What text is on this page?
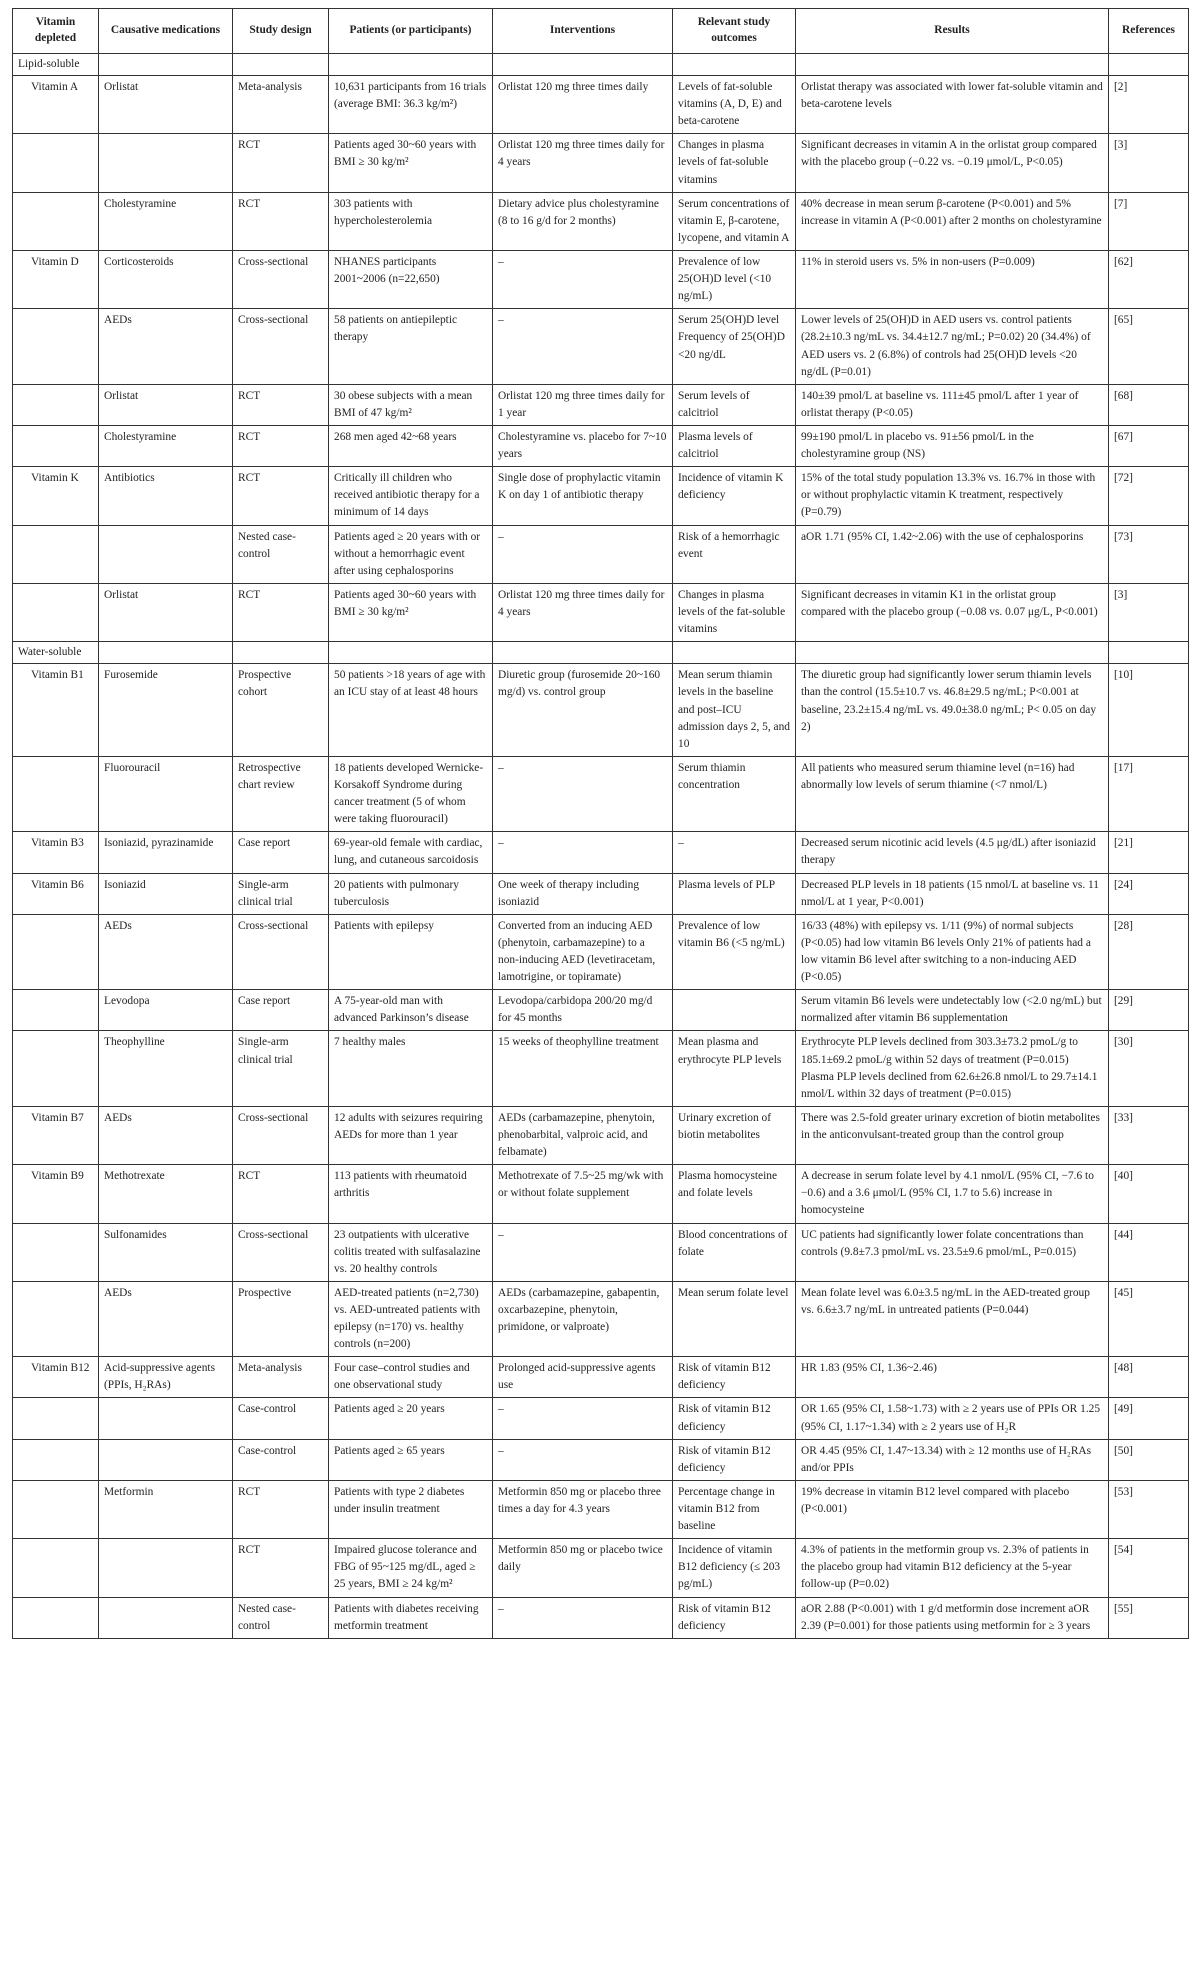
Vitamin depleted	Causative medications	Study design	Patients (or participants)	Interventions	Relevant study outcomes	Results	References
Lipid-soluble							
Vitamin A	Orlistat	Meta-analysis	10,631 participants from 16 trials (average BMI: 36.3 kg/m²)	Orlistat 120 mg three times daily	Levels of fat-soluble vitamins (A, D, E) and beta-carotene	Orlistat therapy was associated with lower fat-soluble vitamin and beta-carotene levels	[2]
		RCT	Patients aged 30~60 years with BMI ≥ 30 kg/m²	Orlistat 120 mg three times daily for 4 years	Changes in plasma levels of fat-soluble vitamins	Significant decreases in vitamin A in the orlistat group compared with the placebo group (−0.22 vs. −0.19 μmol/L, P<0.05)	[3]
	Cholestyramine	RCT	303 patients with hypercholesterolemia	Dietary advice plus cholestyramine (8 to 16 g/d for 2 months)	Serum concentrations of vitamin E, β-carotene, lycopene, and vitamin A	40% decrease in mean serum β-carotene (P<0.001) and 5% increase in vitamin A (P<0.001) after 2 months on cholestyramine	[7]
Vitamin D	Corticosteroids	Cross-sectional	NHANES participants 2001~2006 (n=22,650)	–	Prevalence of low 25(OH)D level (<10 ng/mL)	11% in steroid users vs. 5% in non-users (P=0.009)	[62]
	AEDs	Cross-sectional	58 patients on antiepileptic therapy	–	Serum 25(OH)D level Frequency of 25(OH)D <20 ng/dL	Lower levels of 25(OH)D in AED users vs. control patients (28.2±10.3 ng/mL vs. 34.4±12.7 ng/mL; P=0.02) 20 (34.4%) of AED users vs. 2 (6.8%) of controls had 25(OH)D levels <20 ng/dL (P=0.01)	[65]
	Orlistat	RCT	30 obese subjects with a mean BMI of 47 kg/m²	Orlistat 120 mg three times daily for 1 year	Serum levels of calcitriol	140±39 pmol/L at baseline vs. 111±45 pmol/L after 1 year of orlistat therapy (P<0.05)	[68]
	Cholestyramine	RCT	268 men aged 42~68 years	Cholestyramine vs. placebo for 7~10 years	Plasma levels of calcitriol	99±190 pmol/L in placebo vs. 91±56 pmol/L in the cholestyramine group (NS)	[67]
Vitamin K	Antibiotics	RCT	Critically ill children who received antibiotic therapy for a minimum of 14 days	Single dose of prophylactic vitamin K on day 1 of antibiotic therapy	Incidence of vitamin K deficiency	15% of the total study population 13.3% vs. 16.7% in those with or without prophylactic vitamin K treatment, respectively (P=0.79)	[72]
		Nested case-control	Patients aged ≥ 20 years with or without a hemorrhagic event after using cephalosporins	–	Risk of a hemorrhagic event	aOR 1.71 (95% CI, 1.42~2.06) with the use of cephalosporins	[73]
	Orlistat	RCT	Patients aged 30~60 years with BMI ≥ 30 kg/m²	Orlistat 120 mg three times daily for 4 years	Changes in plasma levels of the fat-soluble vitamins	Significant decreases in vitamin K1 in the orlistat group compared with the placebo group (−0.08 vs. 0.07 μg/L, P<0.001)	[3]
Water-soluble							
Vitamin B1	Furosemide	Prospective cohort	50 patients >18 years of age with an ICU stay of at least 48 hours	Diuretic group (furosemide 20~160 mg/d) vs. control group	Mean serum thiamin levels in the baseline and post–ICU admission days 2, 5, and 10	The diuretic group had significantly lower serum thiamin levels than the control (15.5±10.7 vs. 46.8±29.5 ng/mL; P<0.001 at baseline, 23.2±15.4 ng/mL vs. 49.0±38.0 ng/mL; P< 0.05 on day 2)	[10]
	Fluorouracil	Retrospective chart review	18 patients developed Wernicke-Korsakoff Syndrome during cancer treatment (5 of whom were taking fluorouracil)	–	Serum thiamin concentration	All patients who measured serum thiamine level (n=16) had abnormally low levels of serum thiamine (<7 nmol/L)	[17]
Vitamin B3	Isoniazid, pyrazinamide	Case report	69-year-old female with cardiac, lung, and cutaneous sarcoidosis	–	–	Decreased serum nicotinic acid levels (4.5 μg/dL) after isoniazid therapy	[21]
Vitamin B6	Isoniazid	Single-arm clinical trial	20 patients with pulmonary tuberculosis	One week of therapy including isoniazid	Plasma levels of PLP	Decreased PLP levels in 18 patients (15 nmol/L at baseline vs. 11 nmol/L at 1 year, P<0.001)	[24]
	AEDs	Cross-sectional	Patients with epilepsy	Converted from an inducing AED (phenytoin, carbamazepine) to a non-inducing AED (levetiracetam, lamotrigine, or topiramate)	Prevalence of low vitamin B6 (<5 ng/mL)	16/33 (48%) with epilepsy vs. 1/11 (9%) of normal subjects (P<0.05) had low vitamin B6 levels Only 21% of patients had a low vitamin B6 level after switching to a non-inducing AED (P<0.05)	[28]
	Levodopa	Case report	A 75-year-old man with advanced Parkinson’s disease	Levodopa/carbidopa 200/20 mg/d for 45 months		Serum vitamin B6 levels were undetectably low (<2.0 ng/mL) but normalized after vitamin B6 supplementation	[29]
	Theophylline	Single-arm clinical trial	7 healthy males	15 weeks of theophylline treatment	Mean plasma and erythrocyte PLP levels	Erythrocyte PLP levels declined from 303.3±73.2 pmoL/g to 185.1±69.2 pmoL/g within 52 days of treatment (P=0.015) Plasma PLP levels declined from 62.6±26.8 nmol/L to 29.7±14.1 nmol/L within 32 days of treatment (P=0.015)	[30]
Vitamin B7	AEDs	Cross-sectional	12 adults with seizures requiring AEDs for more than 1 year	AEDs (carbamazepine, phenytoin, phenobarbital, valproic acid, and felbamate)	Urinary excretion of biotin metabolites	There was 2.5-fold greater urinary excretion of biotin metabolites in the anticonvulsant-treated group than the control group	[33]
Vitamin B9	Methotrexate	RCT	113 patients with rheumatoid arthritis	Methotrexate of 7.5~25 mg/wk with or without folate supplement	Plasma homocysteine and folate levels	A decrease in serum folate level by 4.1 nmol/L (95% CI, −7.6 to −0.6) and a 3.6 μmol/L (95% CI, 1.7 to 5.6) increase in homocysteine	[40]
	Sulfonamides	Cross-sectional	23 outpatients with ulcerative colitis treated with sulfasalazine vs. 20 healthy controls	–	Blood concentrations of folate	UC patients had significantly lower folate concentrations than controls (9.8±7.3 pmol/mL vs. 23.5±9.6 pmol/mL, P=0.015)	[44]
	AEDs	Prospective	AED-treated patients (n=2,730) vs. AED-untreated patients with epilepsy (n=170) vs. healthy controls (n=200)	AEDs (carbamazepine, gabapentin, oxcarbazepine, phenytoin, primidone, or valproate)	Mean serum folate level	Mean folate level was 6.0±3.5 ng/mL in the AED-treated group vs. 6.6±3.7 ng/mL in untreated patients (P=0.044)	[45]
Vitamin B12	Acid-suppressive agents (PPIs, H₂RAs)	Meta-analysis	Four case–control studies and one observational study	Prolonged acid-suppressive agents use	Risk of vitamin B12 deficiency	HR 1.83 (95% CI, 1.36~2.46)	[48]
		Case-control	Patients aged ≥ 20 years	–	Risk of vitamin B12 deficiency	OR 1.65 (95% CI, 1.58~1.73) with ≥ 2 years use of PPIs OR 1.25 (95% CI, 1.17~1.34) with ≥ 2 years use of H₂R	[49]
		Case-control	Patients aged ≥ 65 years	–	Risk of vitamin B12 deficiency	OR 4.45 (95% CI, 1.47~13.34) with ≥ 12 months use of H₂RAs and/or PPIs	[50]
	Metformin	RCT	Patients with type 2 diabetes under insulin treatment	Metformin 850 mg or placebo three times a day for 4.3 years	Percentage change in vitamin B12 from baseline	19% decrease in vitamin B12 level compared with placebo (P<0.001)	[53]
		RCT	Impaired glucose tolerance and FBG of 95~125 mg/dL, aged ≥ 25 years, BMI ≥ 24 kg/m²	Metformin 850 mg or placebo twice daily	Incidence of vitamin B12 deficiency (≤ 203 pg/mL)	4.3% of patients in the metformin group vs. 2.3% of patients in the placebo group had vitamin B12 deficiency at the 5-year follow-up (P=0.02)	[54]
		Nested case-control	Patients with diabetes receiving metformin treatment	–	Risk of vitamin B12 deficiency	aOR 2.88 (P<0.001) with 1 g/d metformin dose increment aOR 2.39 (P=0.001) for those patients using metformin for ≥ 3 years	[55]
